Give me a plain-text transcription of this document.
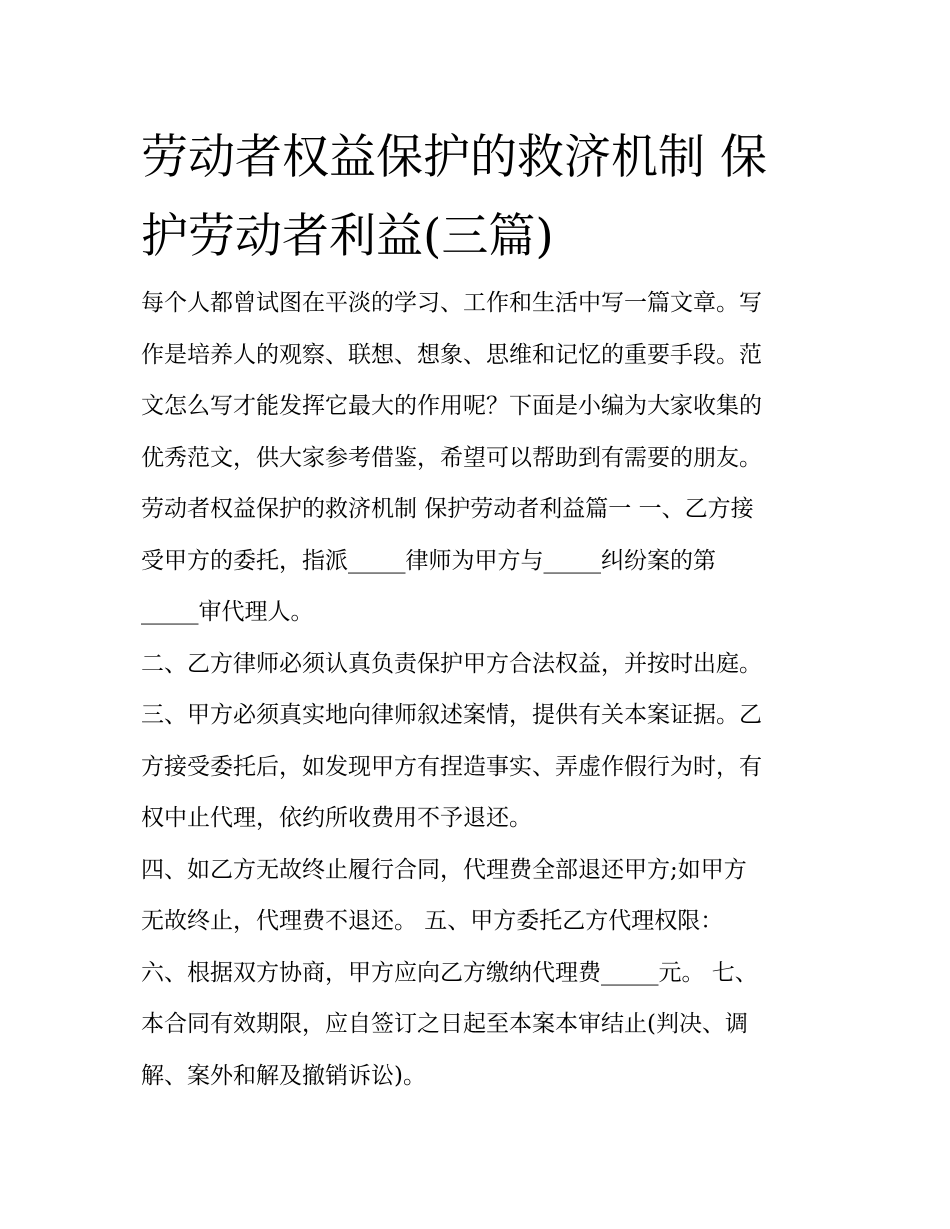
劳动者权益保护的救济机制 保
护劳动者利益(三篇)
每个人都曾试图在平淡的学习、工作和生活中写一篇文章。写
作是培养人的观察、联想、想象、思维和记忆的重要手段。范
文怎么写才能发挥它最大的作用呢？下面是小编为大家收集的
优秀范文，供大家参考借鉴，希望可以帮助到有需要的朋友。
劳动者权益保护的救济机制 保护劳动者利益篇一 一、乙方接
受甲方的委托，指派_____律师为甲方与_____纠纷案的第
_____审代理人。
二、乙方律师必须认真负责保护甲方合法权益，并按时出庭。
三、甲方必须真实地向律师叙述案情，提供有关本案证据。乙
方接受委托后，如发现甲方有捏造事实、弄虚作假行为时，有
权中止代理，依约所收费用不予退还。
四、如乙方无故终止履行合同，代理费全部退还甲方;如甲方
无故终止，代理费不退还。 五、甲方委托乙方代理权限：
六、根据双方协商，甲方应向乙方缴纳代理费_____元。 七、
本合同有效期限，应自签订之日起至本案本审结止(判决、调
解、案外和解及撤销诉讼)。
